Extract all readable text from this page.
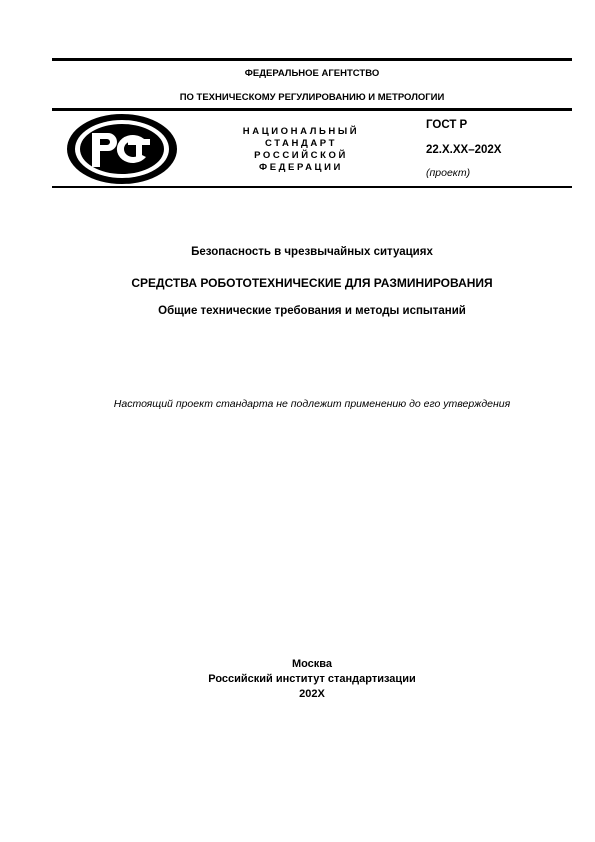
ФЕДЕРАЛЬНОЕ АГЕНТСТВО
ПО ТЕХНИЧЕСКОМУ РЕГУЛИРОВАНИЮ И МЕТРОЛОГИИ
НАЦИОНАЛЬНЫЙ
СТАНДАРТ
РОССИЙСКОЙ
ФЕДЕРАЦИИ
ГОСТ Р
22.Х.ХХ–202Х
(проект)
Безопасность в чрезвычайных ситуациях
СРЕДСТВА РОБОТОТЕХНИЧЕСКИЕ ДЛЯ РАЗМИНИРОВАНИЯ
Общие технические требования и методы испытаний
Настоящий проект стандарта не подлежит применению до его утверждения
Москва
Российский институт стандартизации
202Х
